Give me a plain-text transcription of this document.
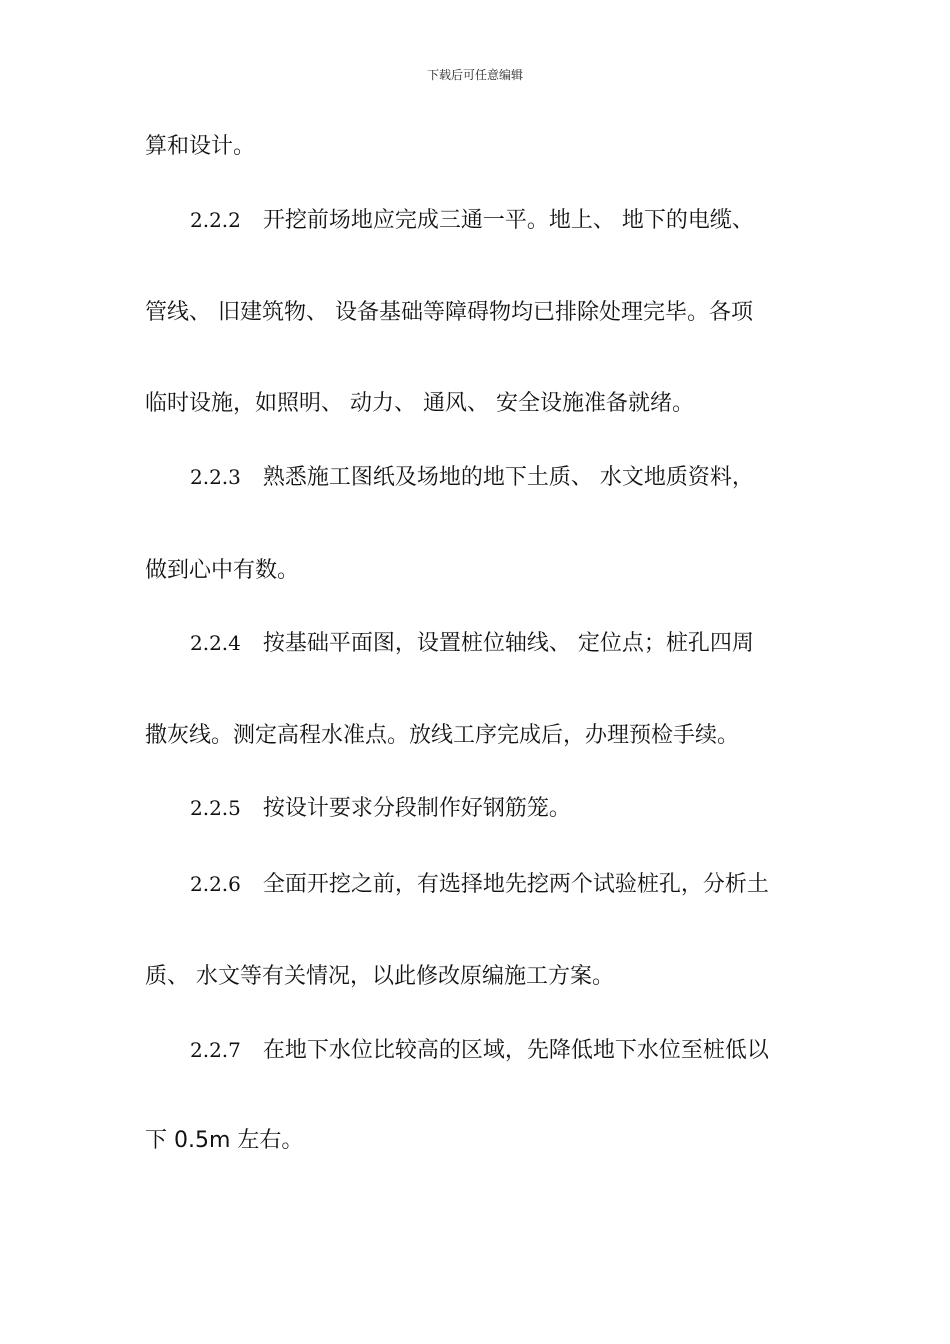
下载后可任意编辑
算和设计。
2.2.2 开挖前场地应完成三通一平。地上、 地下的电缆、
管线、 旧建筑物、 设备基础等障碍物均已排除处理完毕。各项
临时设施，如照明、 动力、 通风、 安全设施准备就绪。
2.2.3 熟悉施工图纸及场地的地下土质、 水文地质资料，
做到心中有数。
2.2.4 按基础平面图，设置桩位轴线、 定位点；桩孔四周
撒灰线。测定高程水准点。放线工序完成后，办理预检手续。
2.2.5 按设计要求分段制作好钢筋笼。
2.2.6 全面开挖之前，有选择地先挖两个试验桩孔，分析土
质、 水文等有关情况，以此修改原编施工方案。
2.2.7 在地下水位比较高的区域，先降低地下水位至桩低以
下 0.5m 左右。
